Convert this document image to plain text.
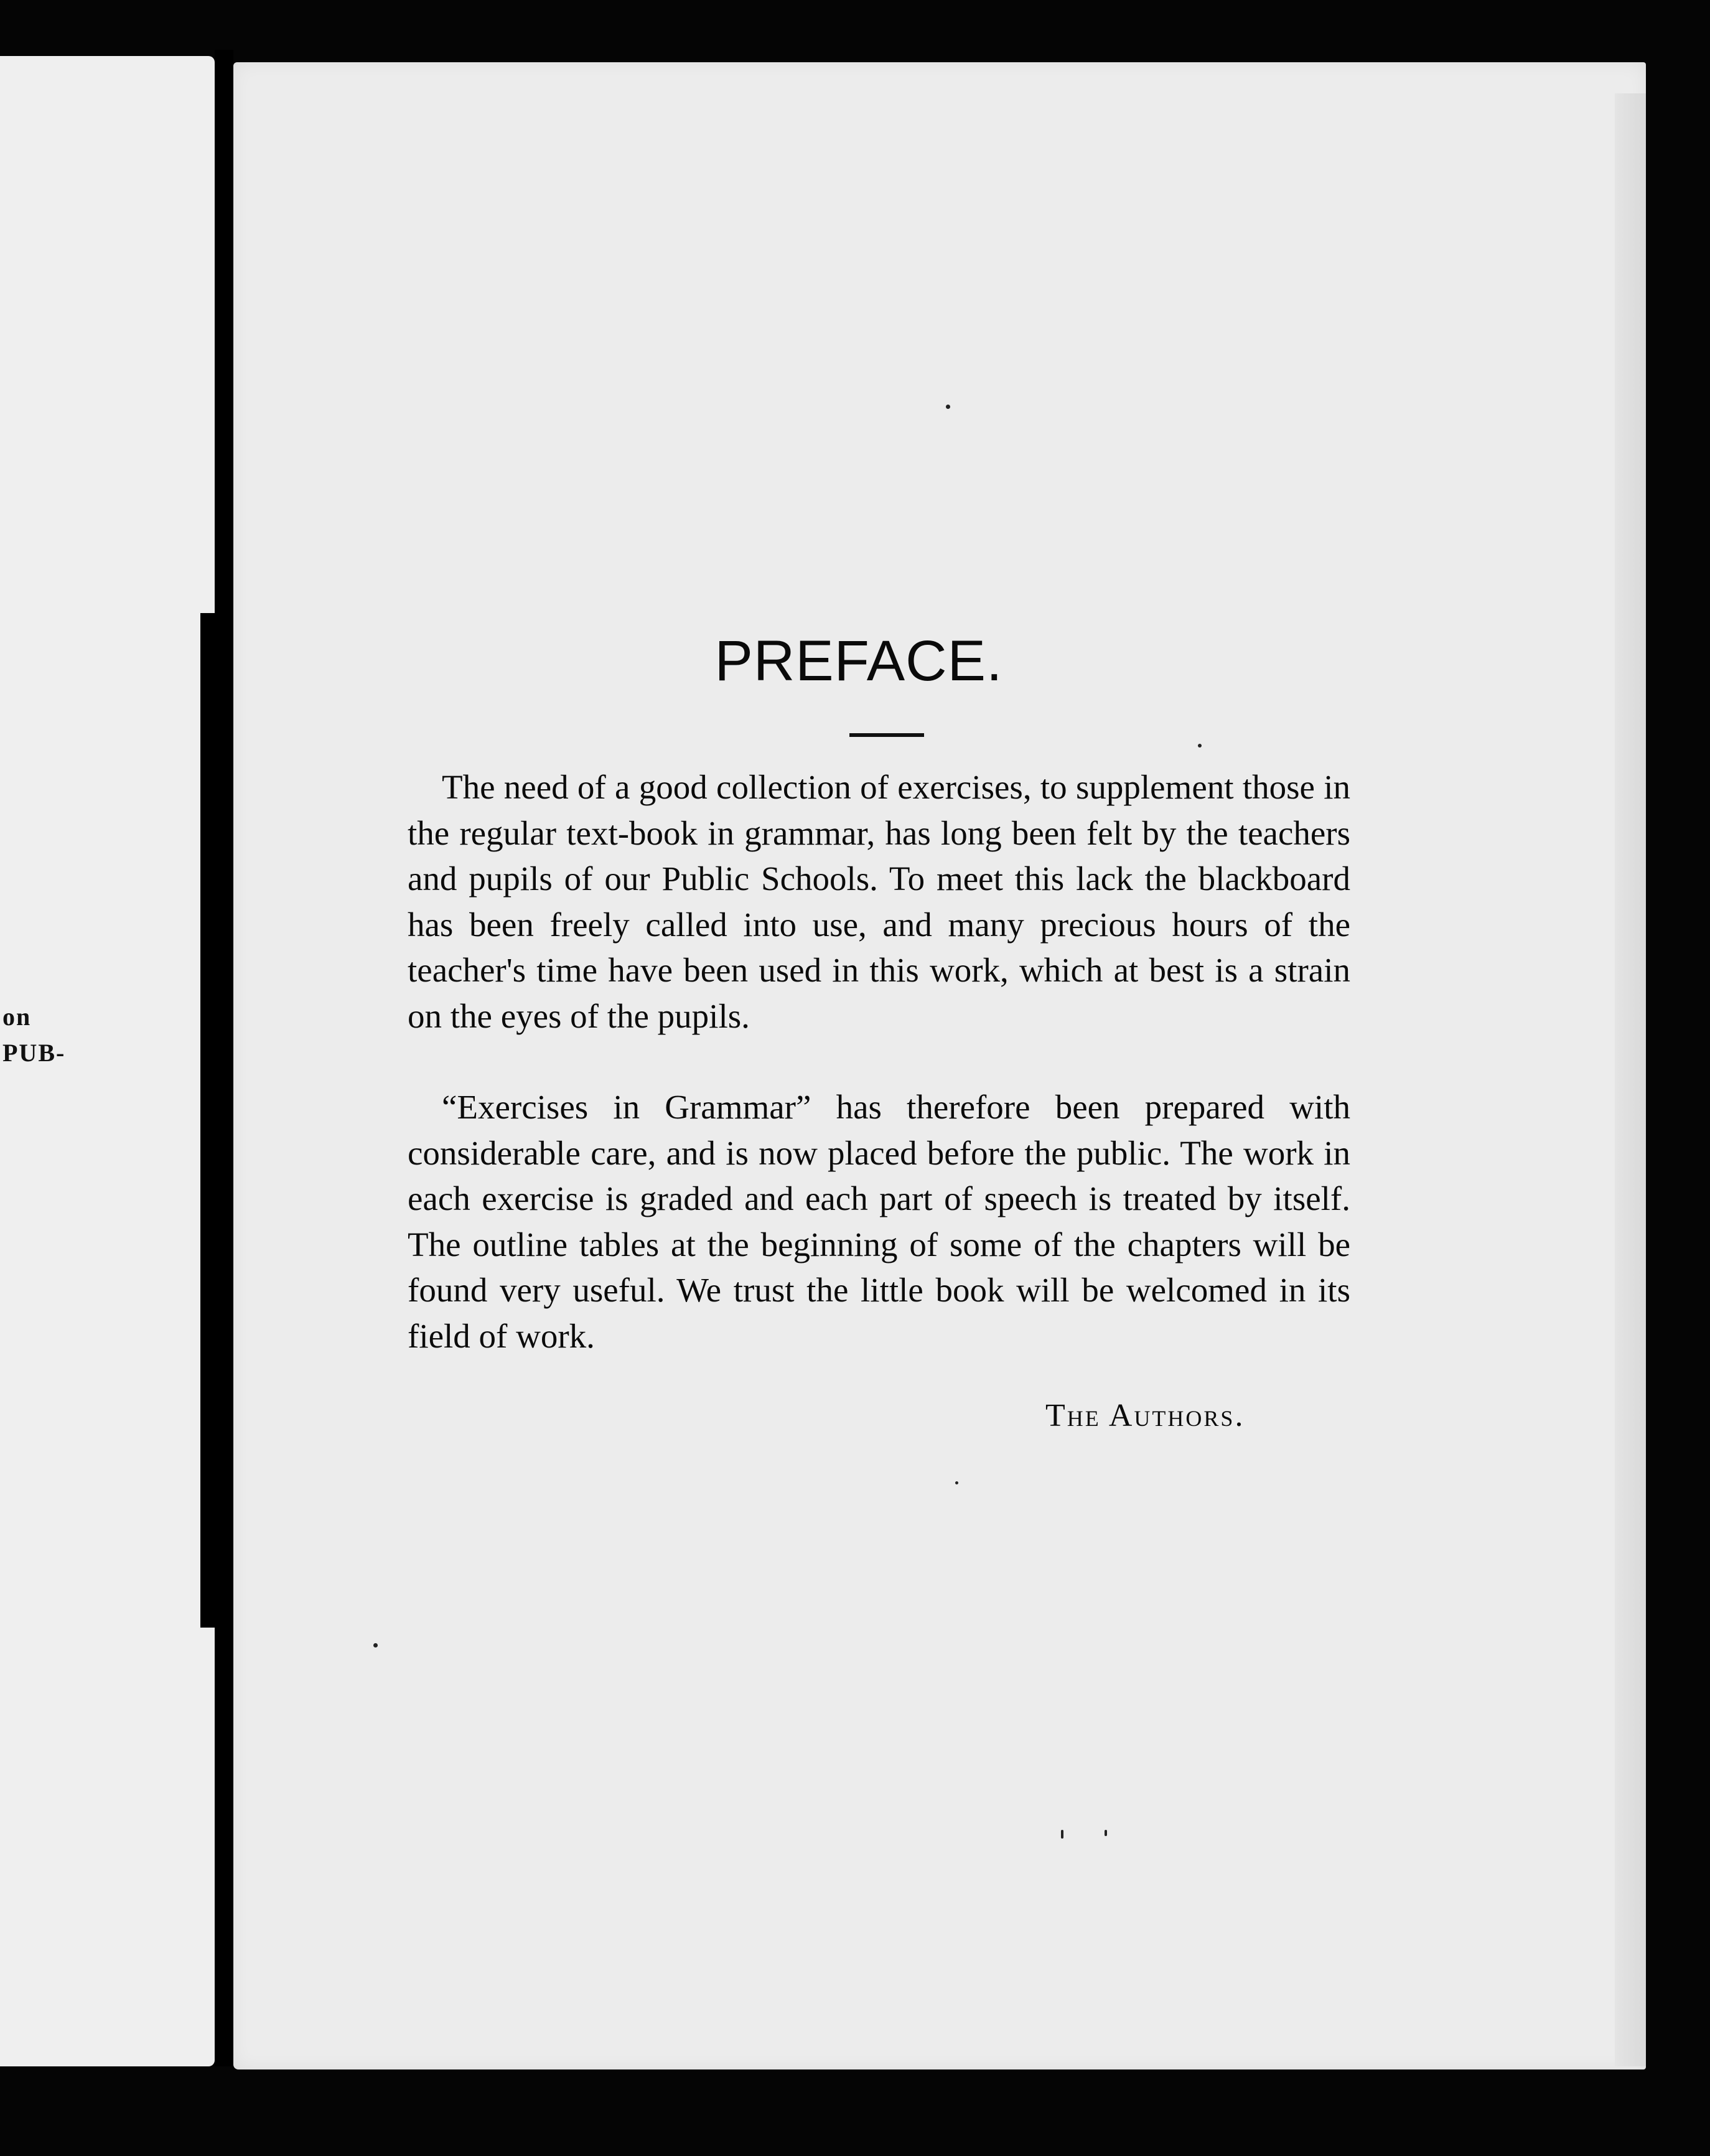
on
PUB-
PREFACE.

The need of a good collection of exercises, to supplement those in the regular text-book in grammar, has long been felt by the teachers and pupils of our Public Schools. To meet this lack the blackboard has been freely called into use, and many precious hours of the teacher's time have been used in this work, which at best is a strain on the eyes of the pupils.

“Exercises in Grammar” has therefore been prepared with considerable care, and is now placed before the public. The work in each exercise is graded and each part of speech is treated by itself. The outline tables at the beginning of some of the chapters will be found very useful. We trust the little book will be welcomed in its field of work.

The Authors.
